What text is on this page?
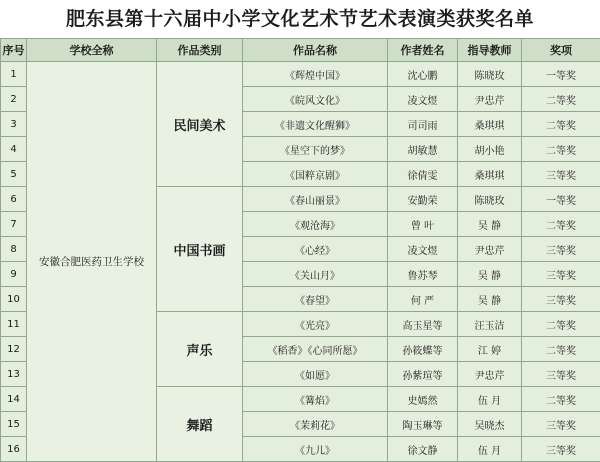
肥东县第十六届中小学文化艺术节艺术表演类获奖名单
序号	学校全称	作品类别	作品名称	作者姓名	指导教师	奖项
1	安徽合肥医药卫生学校	民间美术	《辉煌中国》	沈心鹏	陈晓玫	一等奖
2			《皖风文化》	凌文煜	尹忠芹	二等奖
3			《非遗文化醒狮》	司司雨	桑琪琪	二等奖
4			《星空下的梦》	胡敏慧	胡小艳	二等奖
5			《国粹京剧》	徐倩雯	桑琪琪	三等奖
6		中国书画	《春山丽景》	安勤荣	陈晓玫	一等奖
7			《观沧海》	曾 叶	吴 静	二等奖
8			《心经》	凌文煜	尹忠芹	三等奖
9			《关山月》	鲁苏琴	吴 静	三等奖
10			《春望》	何 严	吴 静	三等奖
11		声乐	《光亮》	高玉星等	汪玉洁	二等奖
12			《稻香》《心同所愿》	孙筱蝶等	江 婷	二等奖
13			《如愿》	孙紫瑄等	尹忠芹	三等奖
14		舞蹈	《篝焰》	史嫣然	伍 月	二等奖
15			《茉莉花》	陶玉琳等	吴晓杰	三等奖
16			《九儿》	徐文静	伍 月	三等奖
